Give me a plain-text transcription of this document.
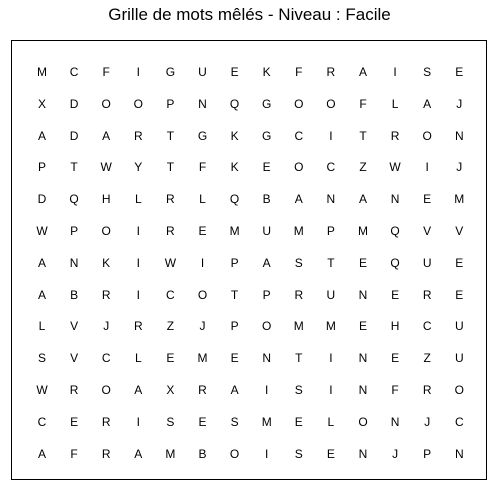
Grille de mots mêlés - Niveau : Facile
M	C	F	I	G	U	E	K	F	R	A	I	S	E
X	D	O	O	P	N	Q	G	O	O	F	L	A	J
A	D	A	R	T	G	K	G	C	I	T	R	O	N
P	T	W	Y	T	F	K	E	O	C	Z	W	I	J
D	Q	H	L	R	L	Q	B	A	N	A	N	E	M
W	P	O	I	R	E	M	U	M	P	M	Q	V	V
A	N	K	I	W	I	P	A	S	T	E	Q	U	E
A	B	R	I	C	O	T	P	R	U	N	E	R	E
L	V	J	R	Z	J	P	O	M	M	E	H	C	U
S	V	C	L	E	M	E	N	T	I	N	E	Z	U
W	R	O	A	X	R	A	I	S	I	N	F	R	O
C	E	R	I	S	E	S	M	E	L	O	N	J	C
A	F	R	A	M	B	O	I	S	E	N	J	P	N
